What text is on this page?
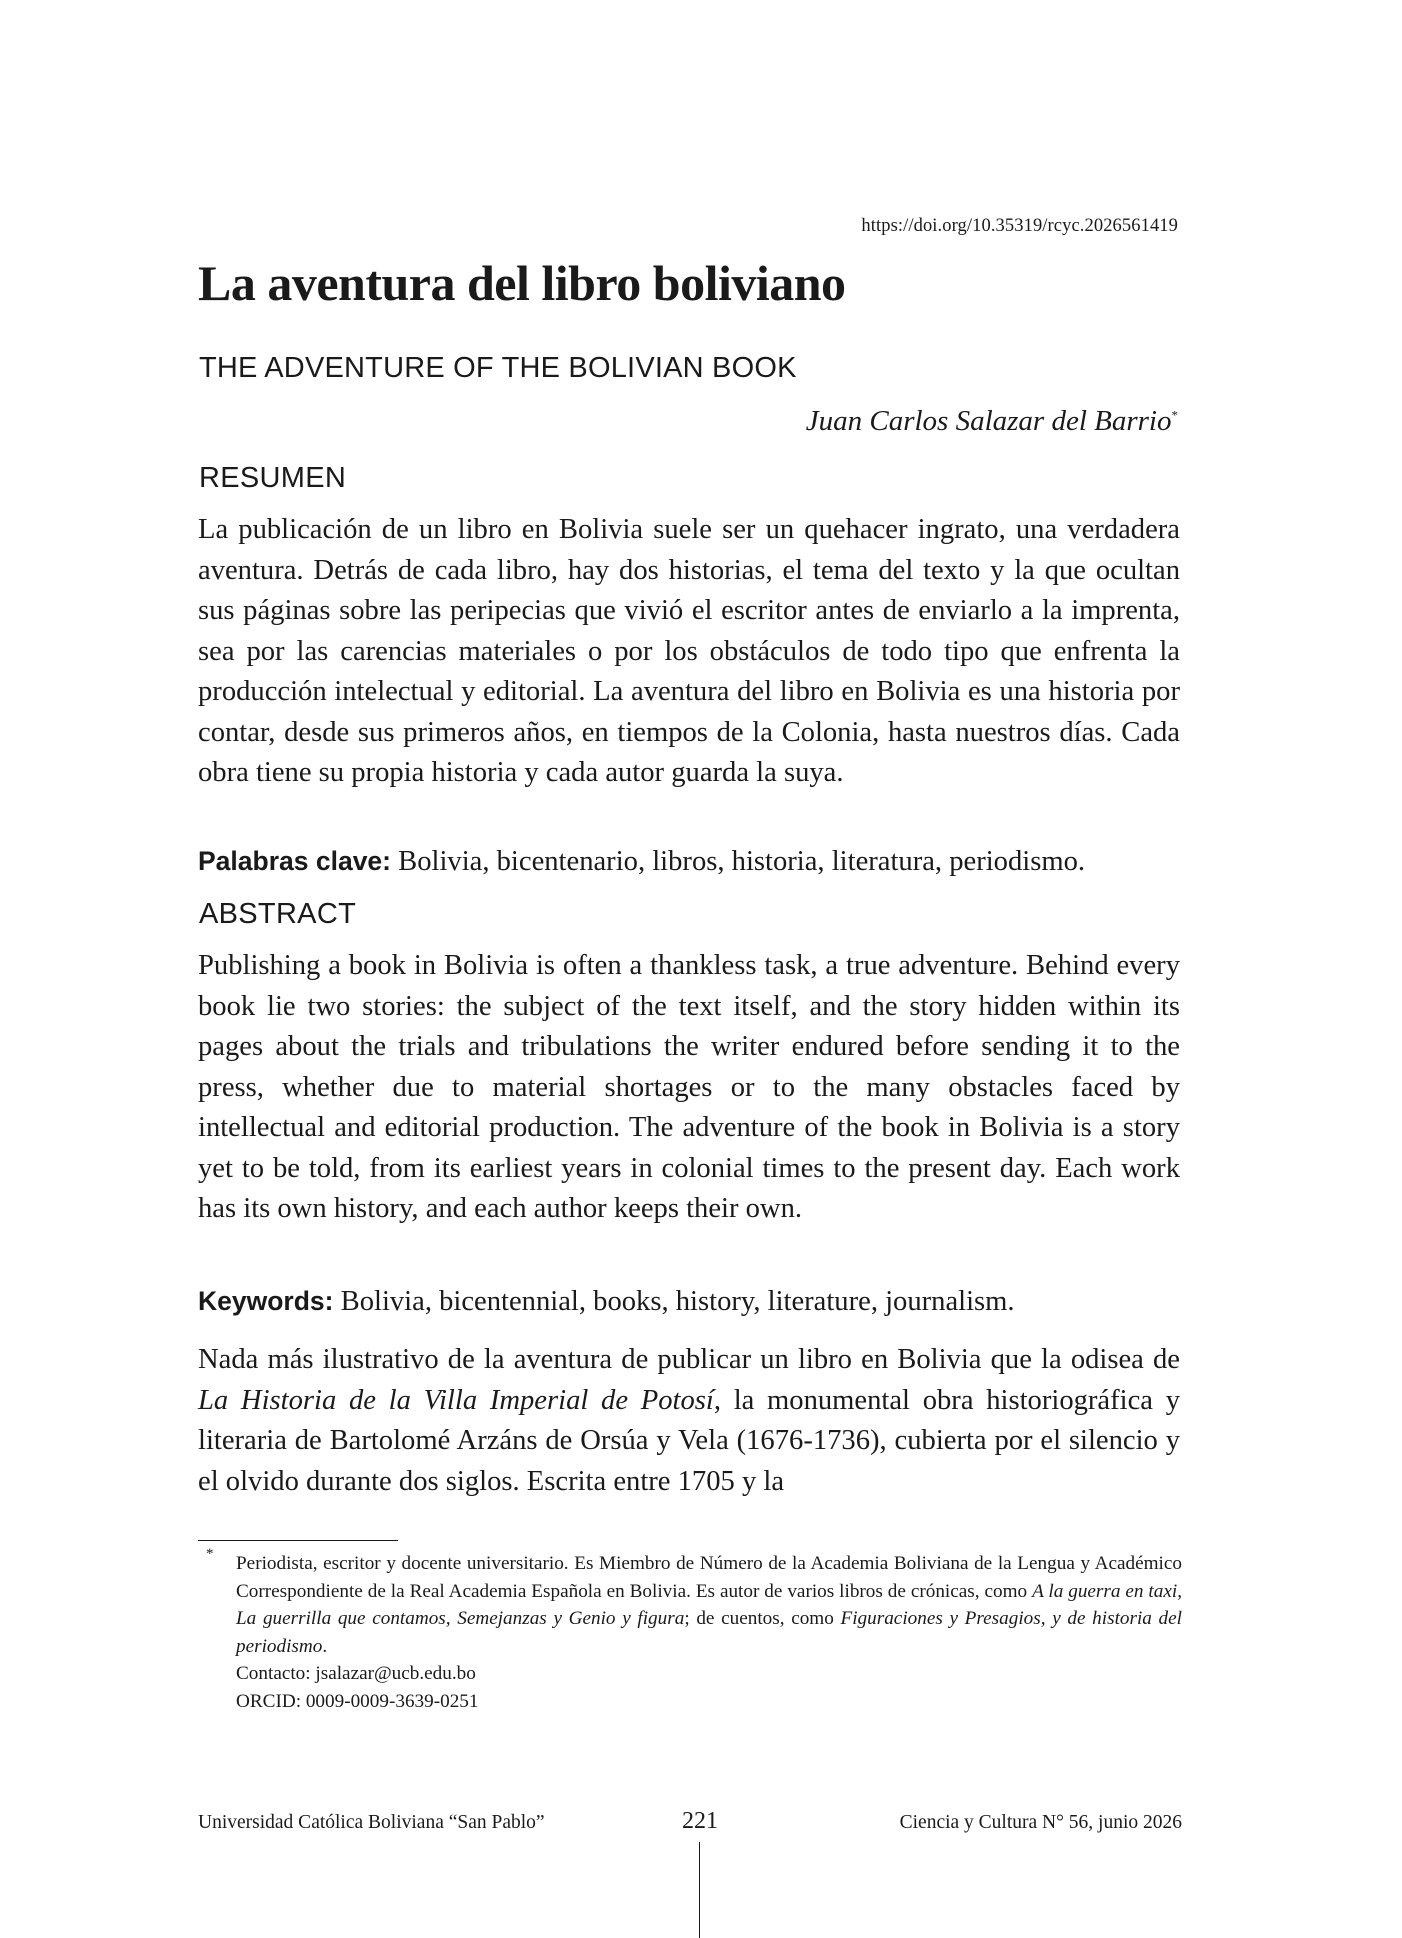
https://doi.org/10.35319/rcyc.2026561419
La aventura del libro boliviano
THE ADVENTURE OF THE BOLIVIAN BOOK
Juan Carlos Salazar del Barrio*
RESUMEN

La publicación de un libro en Bolivia suele ser un quehacer ingrato, una verdadera aventura. Detrás de cada libro, hay dos historias, el tema del texto y la que ocultan sus páginas sobre las peripecias que vivió el escritor antes de enviarlo a la imprenta, sea por las carencias materiales o por los obstáculos de todo tipo que enfrenta la producción intelectual y editorial. La aventura del libro en Bolivia es una historia por contar, desde sus primeros años, en tiempos de la Colonia, hasta nuestros días. Cada obra tiene su propia historia y cada autor guarda la suya.

Palabras clave: Bolivia, bicentenario, libros, historia, literatura, periodismo.
ABSTRACT

Publishing a book in Bolivia is often a thankless task, a true adventure. Behind every book lie two stories: the subject of the text itself, and the story hidden within its pages about the trials and tribulations the writer endured before sending it to the press, whether due to material shortages or to the many obstacles faced by intellectual and editorial production. The adventure of the book in Bolivia is a story yet to be told, from its earliest years in colonial times to the present day. Each work has its own history, and each author keeps their own.

Keywords: Bolivia, bicentennial, books, history, literature, journalism.

Nada más ilustrativo de la aventura de publicar un libro en Bolivia que la odisea de La Historia de la Villa Imperial de Potosí, la monumental obra historiográfica y literaria de Bartolomé Arzáns de Orsúa y Vela (1676-1736), cubierta por el silencio y el olvido durante dos siglos. Escrita entre 1705 y la

* Periodista, escritor y docente universitario. Es Miembro de Número de la Academia Boliviana de la Lengua y Académico Correspondiente de la Real Academia Española en Bolivia. Es autor de varios libros de crónicas, como A la guerra en taxi, La guerrilla que contamos, Semejanzas y Genio y figura; de cuentos, como Figuraciones y Presagios, y de historia del periodismo.
Contacto: jsalazar@ucb.edu.bo
ORCID: 0009-0009-3639-0251
Universidad Católica Boliviana “San Pablo”	221	Ciencia y Cultura N° 56, junio 2026
